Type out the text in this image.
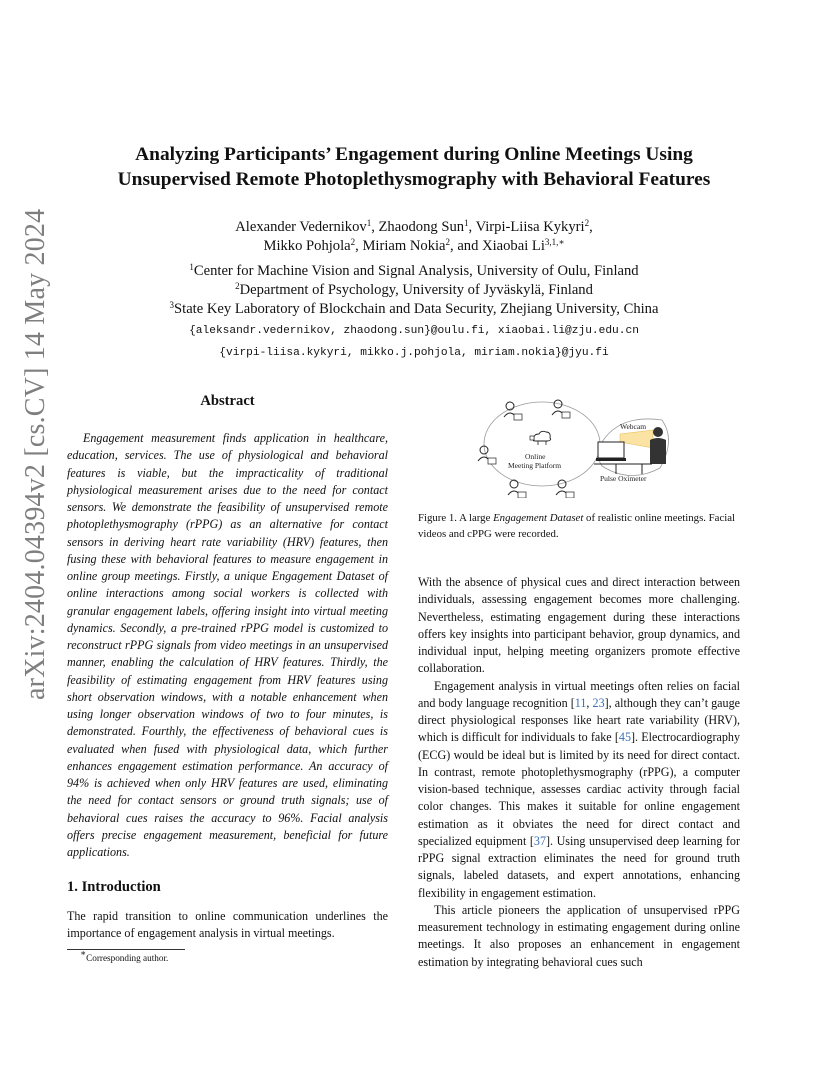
arXiv:2404.04394v2 [cs.CV] 14 May 2024
Analyzing Participants’ Engagement during Online Meetings Using
Unsupervised Remote Photoplethysmography with Behavioral Features
Alexander Vedernikov$^1$, Zhaodong Sun$^1$, Virpi-Liisa Kykyri$^2$,
Mikko Pohjola$^2$, Miriam Nokia$^2$, and Xiaobai $Li^{3,1,∗}$
$^1$Center for Machine Vision and Signal Analysis, University of Oulu, Finland
$^2$Department of Psychology, University of Jyväskylä, Finland
$^3$State Key Laboratory of Blockchain and Data Security, Zhejiang University, China
{aleksandr.vedernikov, zhaodong.sun}@oulu.fi, xiaobai.li@zju.edu.cn
{virpi-liisa.kykyri, mikko.j.pohjola, miriam.nokia}@jyu.fi
Abstract

Engagement measurement finds application in healthcare, education, services. The use of physiological and behavioral features is viable, but the impracticality of traditional physiological measurement arises due to the need for contact sensors. We demonstrate the feasibility of unsupervised remote photoplethysmography (rPPG) as an alternative for contact sensors in deriving heart rate variability (HRV) features, then fusing these with behavioral features to measure engagement in online group meetings. Firstly, a unique Engagement Dataset of online interactions among social workers is collected with granular engagement labels, offering insight into virtual meeting dynamics. Secondly, a pre-trained rPPG model is customized to reconstruct rPPG signals from video meetings in an unsupervised manner, enabling the calculation of HRV features. Thirdly, the feasibility of estimating engagement from HRV features using short observation windows, with a notable enhancement when using longer observation windows of two to four minutes, is demonstrated. Fourthly, the effectiveness of behavioral cues is evaluated when fused with physiological data, which further enhances engagement estimation performance. An accuracy of 94% is achieved when only HRV features are used, eliminating the need for contact sensors or ground truth signals; use of behavioral cues raises the accuracy to 96%. Facial analysis offers precise engagement measurement, beneficial for future applications.

1. Introduction

The rapid transition to online communication underlines the importance of engagement analysis in virtual meetings.

∗Corresponding author.
Online
Meeting Platform
Webcam
Pulse Oximeter

Figure 1. A large Engagement Dataset of realistic online meetings. Facial videos and cPPG were recorded.

With the absence of physical cues and direct interaction between individuals, assessing engagement becomes more challenging. Nevertheless, estimating engagement during these interactions offers key insights into participant behavior, group dynamics, and individual input, helping meeting organizers promote effective collaboration.

Engagement analysis in virtual meetings often relies on facial and body language recognition [11, 23], although they can’t gauge direct physiological responses like heart rate variability (HRV), which is difficult for individuals to fake [45]. Electrocardiography (ECG) would be ideal but is limited by its need for direct contact. In contrast, remote photoplethysmography (rPPG), a computer vision-based technique, assesses cardiac activity through facial color changes. This makes it suitable for online engagement estimation as it obviates the need for direct contact and specialized equipment [37]. Using unsupervised deep learning for rPPG signal extraction eliminates the need for ground truth signals, labeled datasets, and expert annotations, enhancing flexibility in engagement estimation.

This article pioneers the application of unsupervised rPPG measurement technology in estimating engagement during online meetings. It also proposes an enhancement in engagement estimation by integrating behavioral cues such
